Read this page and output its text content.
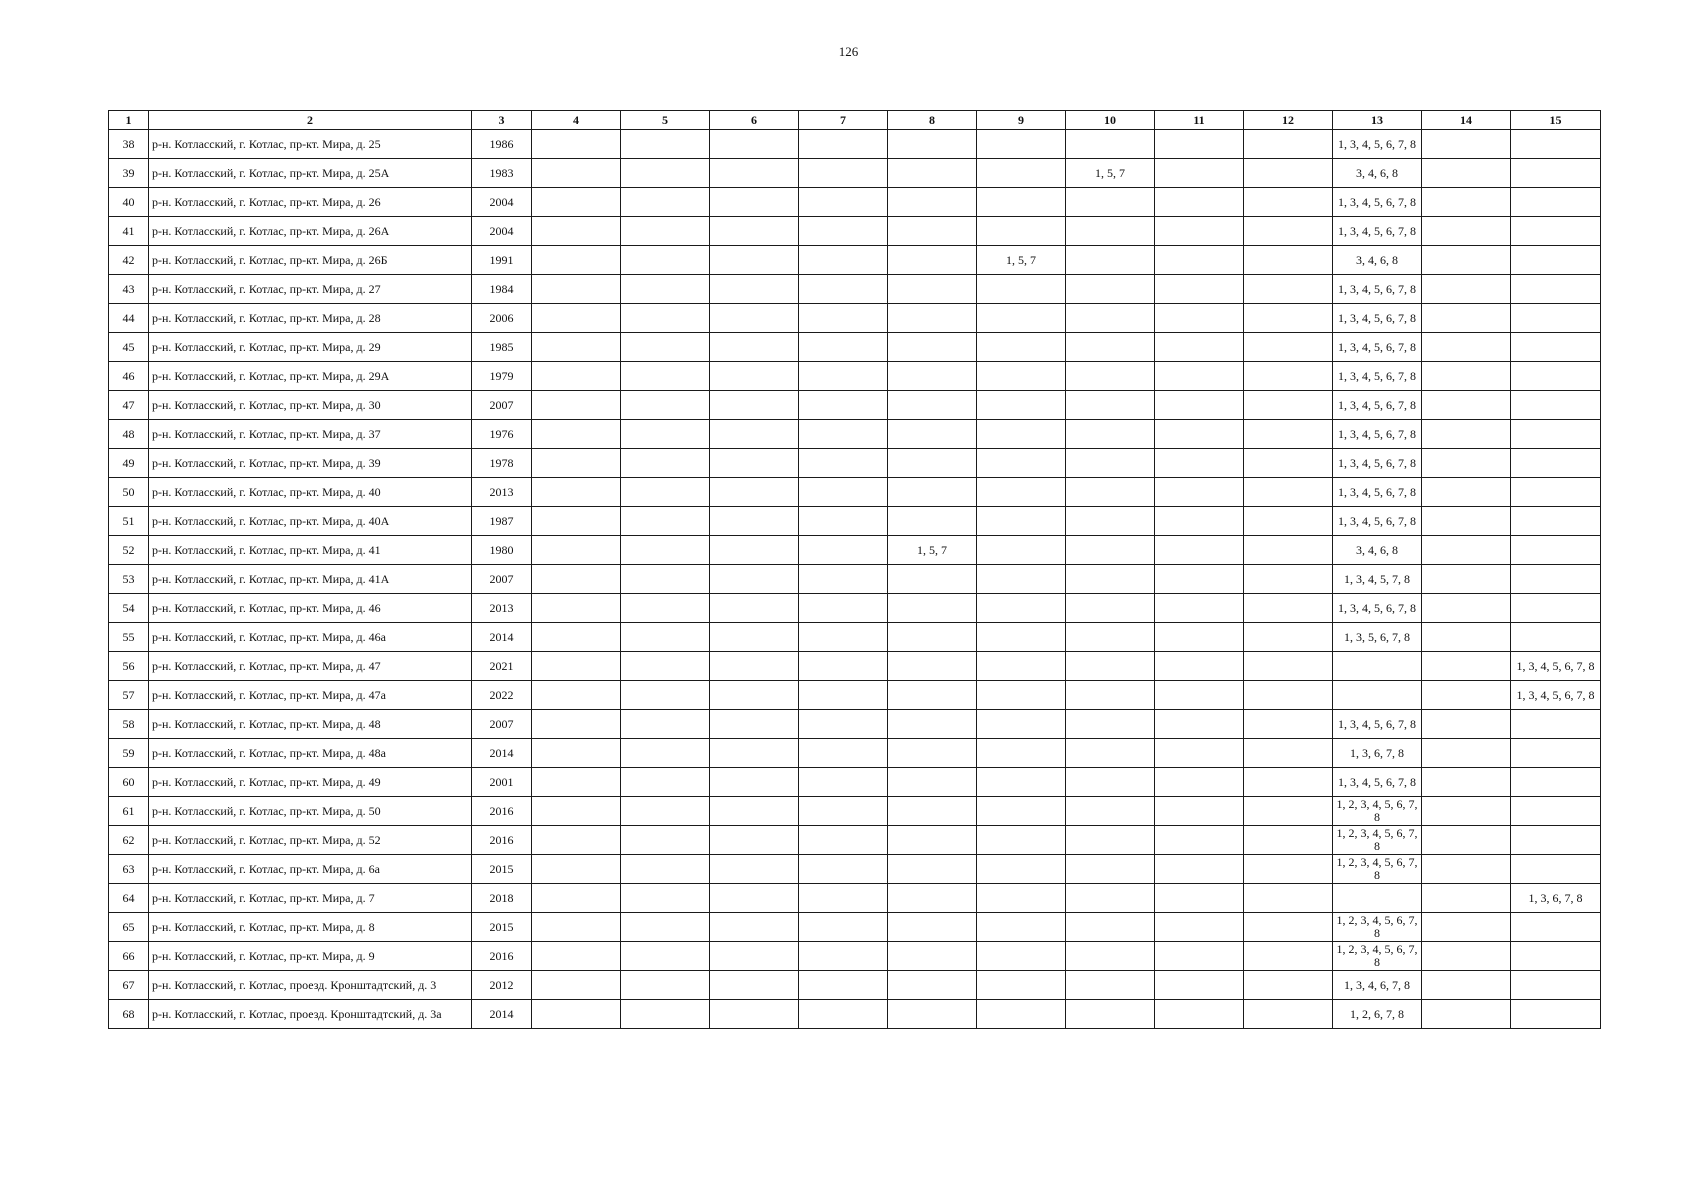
126
1	2	3	4	5	6	7	8	9	10	11	12	13	14	15
38	р-н. Котласский, г. Котлас, пр-кт. Мира, д. 25	1986										1, 3, 4, 5, 6, 7, 8		
39	р-н. Котласский, г. Котлас, пр-кт. Мира, д. 25А	1983							1, 5, 7			3, 4, 6, 8		
40	р-н. Котласский, г. Котлас, пр-кт. Мира, д. 26	2004										1, 3, 4, 5, 6, 7, 8		
41	р-н. Котласский, г. Котлас, пр-кт. Мира, д. 26А	2004										1, 3, 4, 5, 6, 7, 8		
42	р-н. Котласский, г. Котлас, пр-кт. Мира, д. 26Б	1991						1, 5, 7				3, 4, 6, 8		
43	р-н. Котласский, г. Котлас, пр-кт. Мира, д. 27	1984										1, 3, 4, 5, 6, 7, 8		
44	р-н. Котласский, г. Котлас, пр-кт. Мира, д. 28	2006										1, 3, 4, 5, 6, 7, 8		
45	р-н. Котласский, г. Котлас, пр-кт. Мира, д. 29	1985										1, 3, 4, 5, 6, 7, 8		
46	р-н. Котласский, г. Котлас, пр-кт. Мира, д. 29А	1979										1, 3, 4, 5, 6, 7, 8		
47	р-н. Котласский, г. Котлас, пр-кт. Мира, д. 30	2007										1, 3, 4, 5, 6, 7, 8		
48	р-н. Котласский, г. Котлас, пр-кт. Мира, д. 37	1976										1, 3, 4, 5, 6, 7, 8		
49	р-н. Котласский, г. Котлас, пр-кт. Мира, д. 39	1978										1, 3, 4, 5, 6, 7, 8		
50	р-н. Котласский, г. Котлас, пр-кт. Мира, д. 40	2013										1, 3, 4, 5, 6, 7, 8		
51	р-н. Котласский, г. Котлас, пр-кт. Мира, д. 40А	1987										1, 3, 4, 5, 6, 7, 8		
52	р-н. Котласский, г. Котлас, пр-кт. Мира, д. 41	1980					1, 5, 7					3, 4, 6, 8		
53	р-н. Котласский, г. Котлас, пр-кт. Мира, д. 41А	2007										1, 3, 4, 5, 7, 8		
54	р-н. Котласский, г. Котлас, пр-кт. Мира, д. 46	2013										1, 3, 4, 5, 6, 7, 8		
55	р-н. Котласский, г. Котлас, пр-кт. Мира, д. 46а	2014										1, 3, 5, 6, 7, 8		
56	р-н. Котласский, г. Котлас, пр-кт. Мира, д. 47	2021												1, 3, 4, 5, 6, 7, 8
57	р-н. Котласский, г. Котлас, пр-кт. Мира, д. 47а	2022												1, 3, 4, 5, 6, 7, 8
58	р-н. Котласский, г. Котлас, пр-кт. Мира, д. 48	2007										1, 3, 4, 5, 6, 7, 8		
59	р-н. Котласский, г. Котлас, пр-кт. Мира, д. 48а	2014										1, 3, 6, 7, 8		
60	р-н. Котласский, г. Котлас, пр-кт. Мира, д. 49	2001										1, 3, 4, 5, 6, 7, 8		
61	р-н. Котласский, г. Котлас, пр-кт. Мира, д. 50	2016										1, 2, 3, 4, 5, 6, 7, 8		
62	р-н. Котласский, г. Котлас, пр-кт. Мира, д. 52	2016										1, 2, 3, 4, 5, 6, 7, 8		
63	р-н. Котласский, г. Котлас, пр-кт. Мира, д. 6а	2015										1, 2, 3, 4, 5, 6, 7, 8		
64	р-н. Котласский, г. Котлас, пр-кт. Мира, д. 7	2018												1, 3, 6, 7, 8
65	р-н. Котласский, г. Котлас, пр-кт. Мира, д. 8	2015										1, 2, 3, 4, 5, 6, 7, 8		
66	р-н. Котласский, г. Котлас, пр-кт. Мира, д. 9	2016										1, 2, 3, 4, 5, 6, 7, 8		
67	р-н. Котласский, г. Котлас, проезд. Кронштадтский, д. 3	2012										1, 3, 4, 6, 7, 8		
68	р-н. Котласский, г. Котлас, проезд. Кронштадтский, д. 3а	2014										1, 2, 6, 7, 8		
